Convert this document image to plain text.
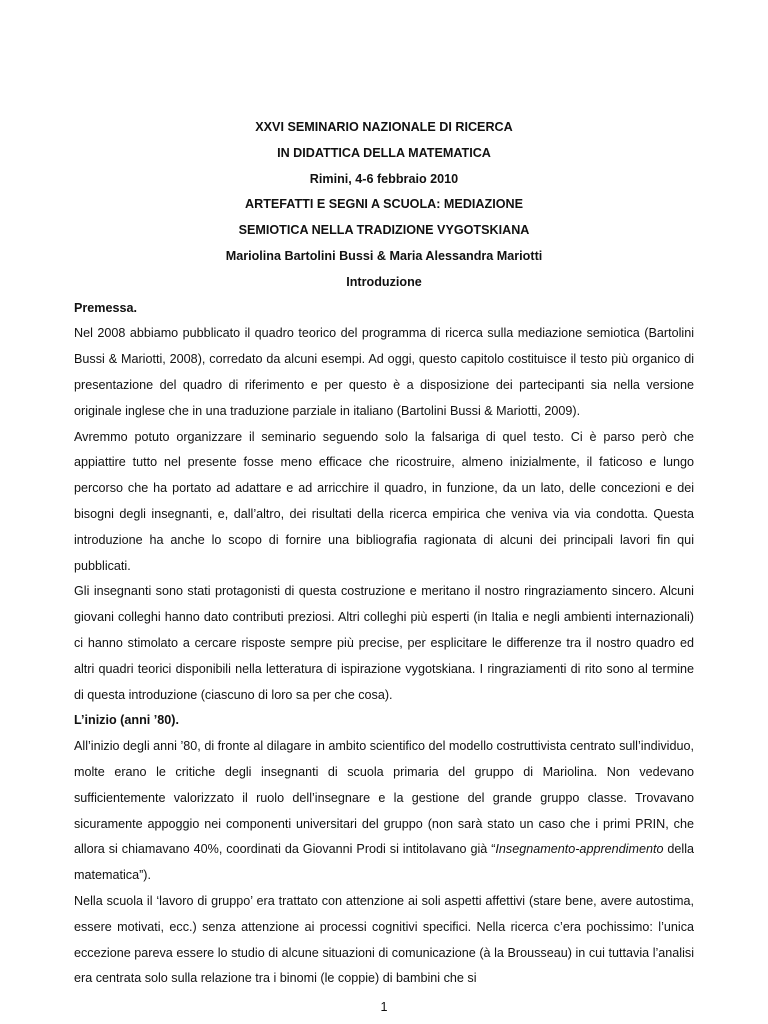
XXVI SEMINARIO NAZIONALE DI RICERCA
IN DIDATTICA DELLA MATEMATICA
Rimini, 4-6 febbraio 2010
ARTEFATTI E SEGNI A SCUOLA: MEDIAZIONE
SEMIOTICA NELLA TRADIZIONE VYGOTSKIANA
Mariolina Bartolini Bussi & Maria Alessandra Mariotti
Introduzione
Premessa.

Nel 2008 abbiamo pubblicato il quadro teorico del programma di ricerca sulla mediazione semiotica (Bartolini Bussi & Mariotti, 2008), corredato da alcuni esempi. Ad oggi, questo capitolo costituisce il testo più organico di presentazione del quadro di riferimento e per questo è a disposizione dei partecipanti sia nella versione originale inglese che in una traduzione parziale in italiano (Bartolini Bussi & Mariotti, 2009).

Avremmo potuto organizzare il seminario seguendo solo la falsariga di quel testo. Ci è parso però che appiattire tutto nel presente fosse meno efficace che ricostruire, almeno inizialmente, il faticoso e lungo percorso che ha portato ad adattare e ad arricchire il quadro, in funzione, da un lato, delle concezioni e dei bisogni degli insegnanti, e, dall’altro, dei risultati della ricerca empirica che veniva via via condotta. Questa introduzione ha anche lo scopo di fornire una bibliografia ragionata di alcuni dei principali lavori fin qui pubblicati.

Gli insegnanti sono stati protagonisti di questa costruzione e meritano il nostro ringraziamento sincero. Alcuni giovani colleghi hanno dato contributi preziosi. Altri colleghi più esperti (in Italia e negli ambienti internazionali) ci hanno stimolato a cercare risposte sempre più precise, per esplicitare le differenze tra il nostro quadro ed altri quadri teorici disponibili nella letteratura di ispirazione vygotskiana. I ringraziamenti di rito sono al termine di questa introduzione (ciascuno di loro sa per che cosa).

L’inizio (anni ’80).

All’inizio degli anni ’80, di fronte al dilagare in ambito scientifico del modello costruttivista centrato sull’individuo, molte erano le critiche degli insegnanti di scuola primaria del gruppo di Mariolina. Non vedevano sufficientemente valorizzato il ruolo dell’insegnare e la gestione del grande gruppo classe. Trovavano sicuramente appoggio nei componenti universitari del gruppo (non sarà stato un caso che i primi PRIN, che allora si chiamavano 40%, coordinati da Giovanni Prodi si intitolavano già “Insegnamento-apprendimento della matematica”).

Nella scuola il ‘lavoro di gruppo’ era trattato con attenzione ai soli aspetti affettivi (stare bene, avere autostima, essere motivati, ecc.) senza attenzione ai processi cognitivi specifici. Nella ricerca c’era pochissimo: l’unica eccezione pareva essere lo studio di alcune situazioni di comunicazione (à la Brousseau) in cui tuttavia l’analisi era centrata solo sulla relazione tra i binomi (le coppie) di bambini che si

1
